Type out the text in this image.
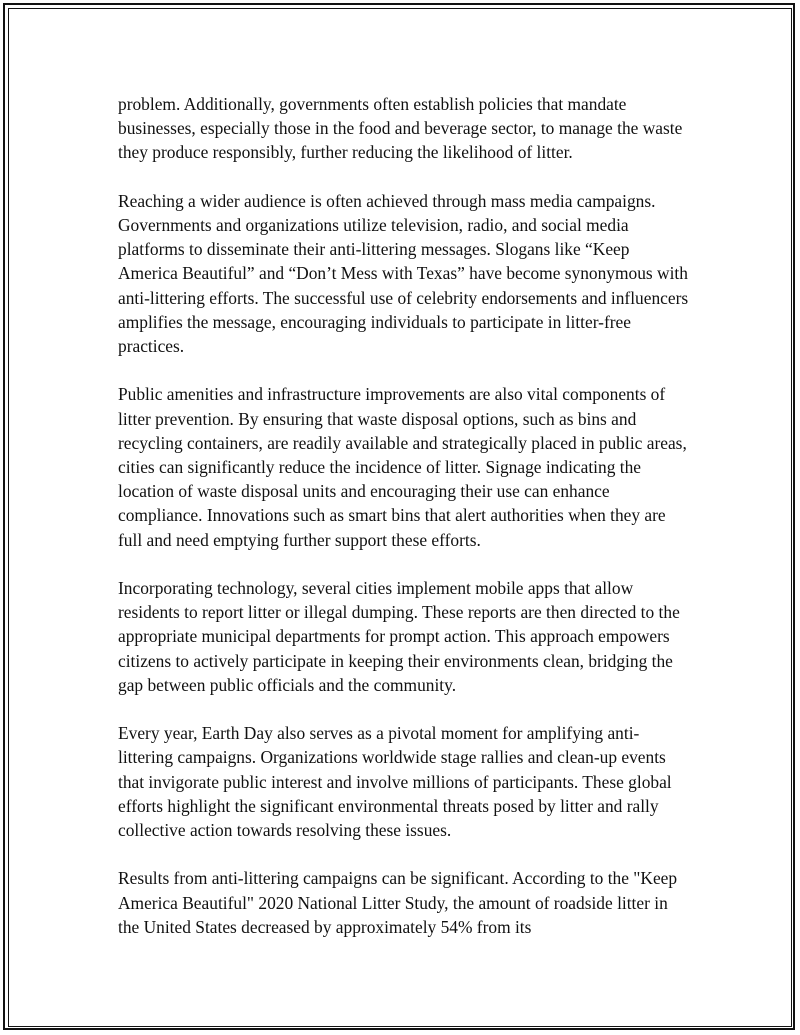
problem. Additionally, governments often establish policies that mandate businesses, especially those in the food and beverage sector, to manage the waste they produce responsibly, further reducing the likelihood of litter.

Reaching a wider audience is often achieved through mass media campaigns. Governments and organizations utilize television, radio, and social media platforms to disseminate their anti-littering messages. Slogans like “Keep America Beautiful” and “Don’t Mess with Texas” have become synonymous with anti-littering efforts. The successful use of celebrity endorsements and influencers amplifies the message, encouraging individuals to participate in litter-free practices.

Public amenities and infrastructure improvements are also vital components of litter prevention. By ensuring that waste disposal options, such as bins and recycling containers, are readily available and strategically placed in public areas, cities can significantly reduce the incidence of litter. Signage indicating the location of waste disposal units and encouraging their use can enhance compliance. Innovations such as smart bins that alert authorities when they are full and need emptying further support these efforts.

Incorporating technology, several cities implement mobile apps that allow residents to report litter or illegal dumping. These reports are then directed to the appropriate municipal departments for prompt action. This approach empowers citizens to actively participate in keeping their environments clean, bridging the gap between public officials and the community.

Every year, Earth Day also serves as a pivotal moment for amplifying anti-littering campaigns. Organizations worldwide stage rallies and clean-up events that invigorate public interest and involve millions of participants. These global efforts highlight the significant environmental threats posed by litter and rally collective action towards resolving these issues.

Results from anti-littering campaigns can be significant. According to the "Keep America Beautiful" 2020 National Litter Study, the amount of roadside litter in the United States decreased by approximately 54% from its
